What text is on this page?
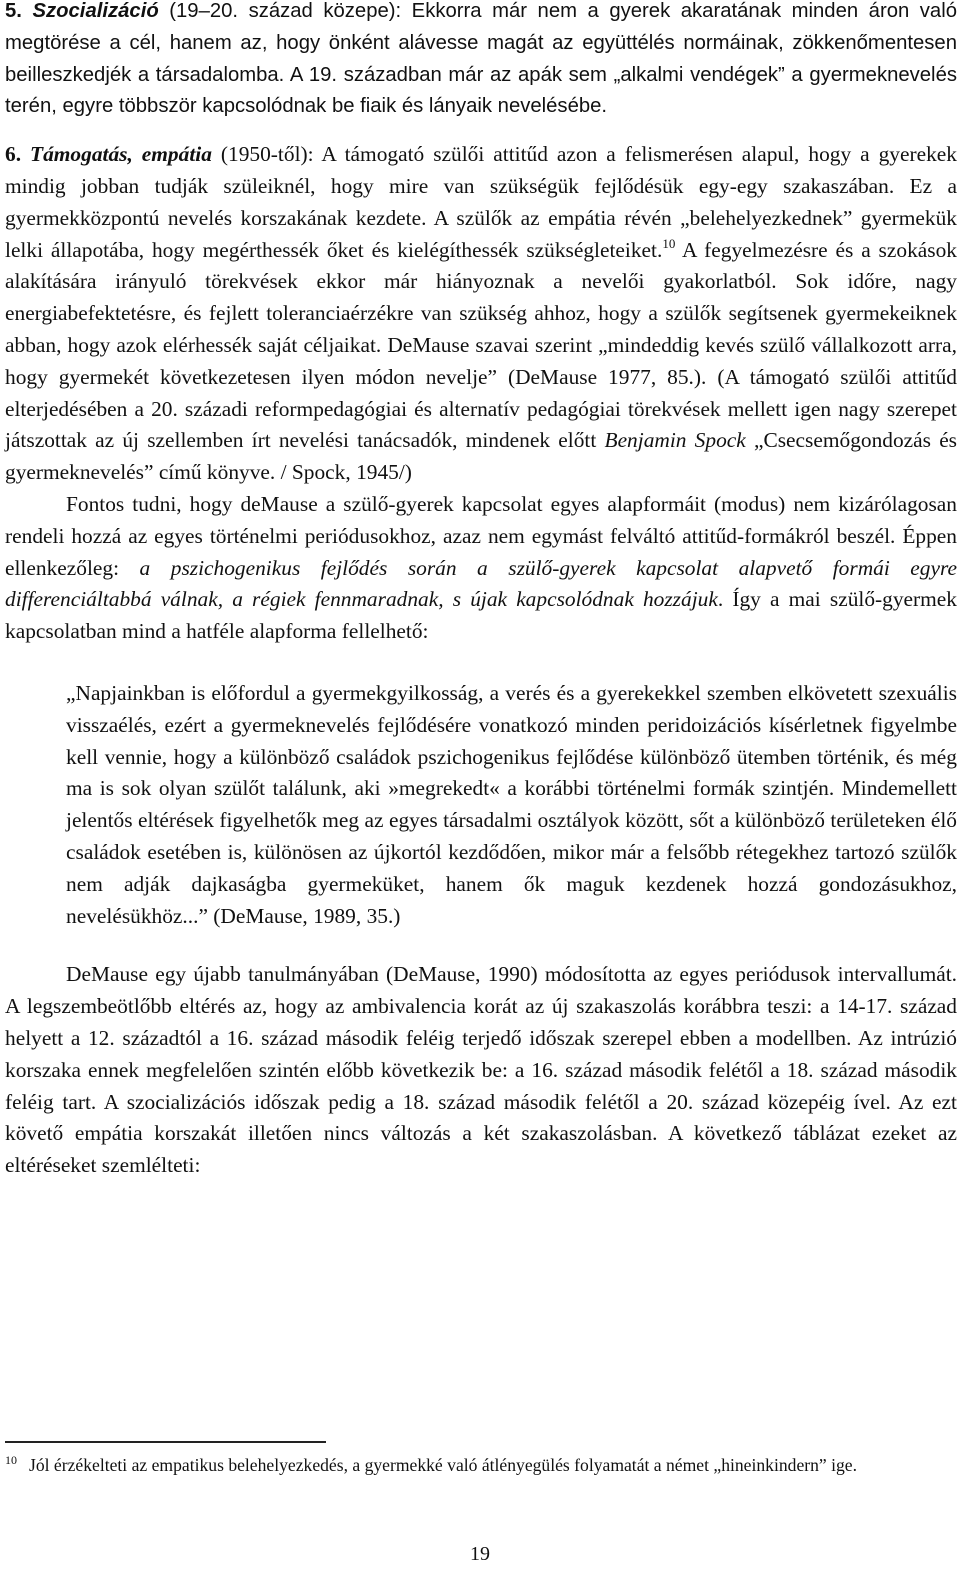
5. Szocializáció (19–20. század közepe): Ekkorra már nem a gyerek akaratának minden áron való megtörése a cél, hanem az, hogy önként alávesse magát az együttélés normáinak, zökkenőmentesen beilleszkedjék a társadalomba. A 19. században már az apák sem „alkalmi vendégek” a gyermeknevelés terén, egyre többször kapcsolódnak be fiaik és lányaik nevelésébe.

6. Támogatás, empátia (1950-től): A támogató szülői attitűd azon a felismerésen alapul, hogy a gyerekek mindig jobban tudják szüleiknél, hogy mire van szükségük fejlődésük egy-egy szakaszában. Ez a gyermekközpontú nevelés korszakának kezdete. A szülők az empátia révén „belehelyezkednek” gyermekük lelki állapotába, hogy megérthessék őket és kielégíthessék szükségleteiket.$^{10}$ A fegyelmezésre és a szokások alakítására irányuló törekvések ekkor már hiányoznak a nevelői gyakorlatból. Sok időre, nagy energiabefektetésre, és fejlett toleranciaérzékre van szükség ahhoz, hogy a szülők segítsenek gyermekeiknek abban, hogy azok elérhessék saját céljaikat. DeMause szavai szerint „mindeddig kevés szülő vállalkozott arra, hogy gyermekét következetesen ilyen módon nevelje” (DeMause 1977, 85.). (A támogató szülői attitűd elterjedésében a 20. századi reformpedagógiai és alternatív pedagógiai törekvések mellett igen nagy szerepet játszottak az új szellemben írt nevelési tanácsadók, mindenek előtt Benjamin Spock „Csecsemőgondozás és gyermeknevelés” című könyve. / Spock, 1945/)

Fontos tudni, hogy deMause a szülő-gyerek kapcsolat egyes alapformáit (modus) nem kizárólagosan rendeli hozzá az egyes történelmi periódusokhoz, azaz nem egymást felváltó attitűd-formákról beszél. Éppen ellenkezőleg: a pszichogenikus fejlődés során a szülő-gyerek kapcsolat alapvető formái egyre differenciáltabbá válnak, a régiek fennmaradnak, s újak kapcsolódnak hozzájuk. Így a mai szülő-gyermek kapcsolatban mind a hatféle alapforma fellelhető:

„Napjainkban is előfordul a gyermekgyilkosság, a verés és a gyerekekkel szemben elkövetett szexuális visszaélés, ezért a gyermeknevelés fejlődésére vonatkozó minden peridoizációs kísérletnek figyelmbe kell vennie, hogy a különböző családok pszichogenikus fejlődése különböző ütemben történik, és még ma is sok olyan szülőt találunk, aki »megrekedt« a korábbi történelmi formák szintjén. Mindemellett jelentős eltérések figyelhetők meg az egyes társadalmi osztályok között, sőt a különböző területeken élő családok esetében is, különösen az újkortól kezdődően, mikor már a felsőbb rétegekhez tartozó szülők nem adják dajkaságba gyermeküket, hanem ők maguk kezdenek hozzá gondozásukhoz, nevelésükhöz...” (DeMause, 1989, 35.)

DeMause egy újabb tanulmányában (DeMause, 1990) módosította az egyes periódusok intervallumát. A legszembeötlőbb eltérés az, hogy az ambivalencia korát az új szakaszolás korábbra teszi: a 14-17. század helyett a 12. századtól a 16. század második feléig terjedő időszak szerepel ebben a modellben. Az intrúzió korszaka ennek megfelelően szintén előbb következik be: a 16. század második felétől a 18. század második feléig tart. A szocializációs időszak pedig a 18. század második felétől a 20. század közepéig ível. Az ezt követő empátia korszakát illetően nincs változás a két szakaszolásban. A következő táblázat ezeket az eltéréseket szemlélteti:

$^{10}$ Jól érzékelteti az empatikus belehelyezkedés, a gyermekké való átlényegülés folyamatát a német „hineinkindern” ige.

19
